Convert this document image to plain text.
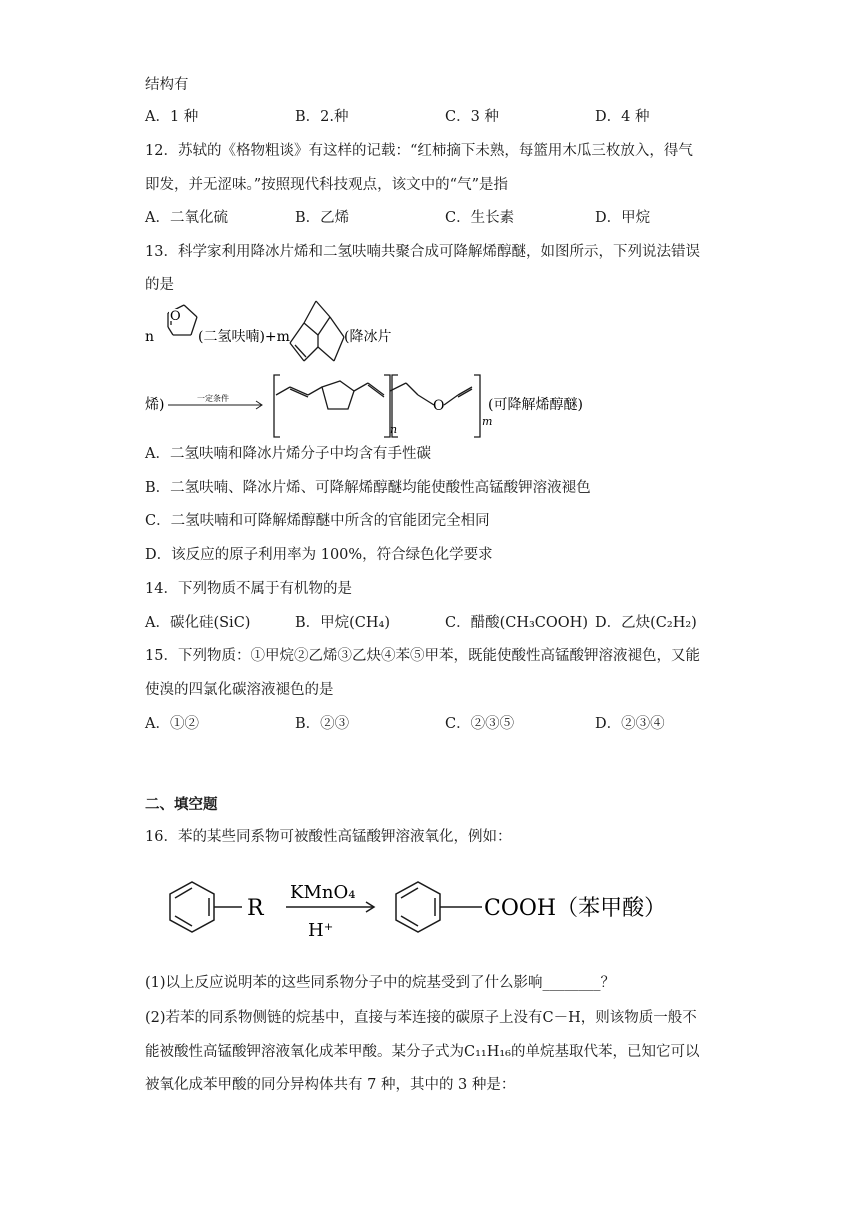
结构有
A．1 种	B．2.种	C．3 种	D．4 种
12．苏轼的《格物粗谈》有这样的记载：“红柿摘下未熟，每篮用木瓜三枚放入，得气
即发，并无涩味。”按照现代科技观点，该文中的“气”是指
A．二氧化硫	B．乙烯	C．生长素	D．甲烷
13．科学家利用降冰片烯和二氢呋喃共聚合成可降解烯醇醚，如图所示，下列说法错误
的是
n
O
(二氢呋喃)+m	(降冰片
烯)	一定条件	O
n
m
(可降解烯醇醚)
A．二氢呋喃和降冰片烯分子中均含有手性碳
B．二氢呋喃、降冰片烯、可降解烯醇醚均能使酸性高锰酸钾溶液褪色
C．二氢呋喃和可降解烯醇醚中所含的官能团完全相同
D．该反应的原子利用率为 100%，符合绿色化学要求
14．下列物质不属于有机物的是
A．碳化硅(SiC)	B．甲烷(CH₄)	C．醋酸(CH₃COOH) D．乙炔(C₂H₂)
15．下列物质：①甲烷②乙烯③乙炔④苯⑤甲苯，既能使酸性高锰酸钾溶液褪色，又能
使溴的四氯化碳溶液褪色的是
A．①②	B．②③	C．②③⑤	D．②③④
二、填空题
16．苯的某些同系物可被酸性高锰酸钾溶液氧化，例如：
R
KMnO₄
H⁺
COOH（苯甲酸）
(1)以上反应说明苯的这些同系物分子中的烷基受到了什么影响________？
(2)若苯的同系物侧链的烷基中，直接与苯连接的碳原子上没有C－H，则该物质一般不
能被酸性高锰酸钾溶液氧化成苯甲酸。某分子式为C₁₁H₁₆的单烷基取代苯，已知它可以
被氧化成苯甲酸的同分异构体共有 7 种，其中的 3 种是：
